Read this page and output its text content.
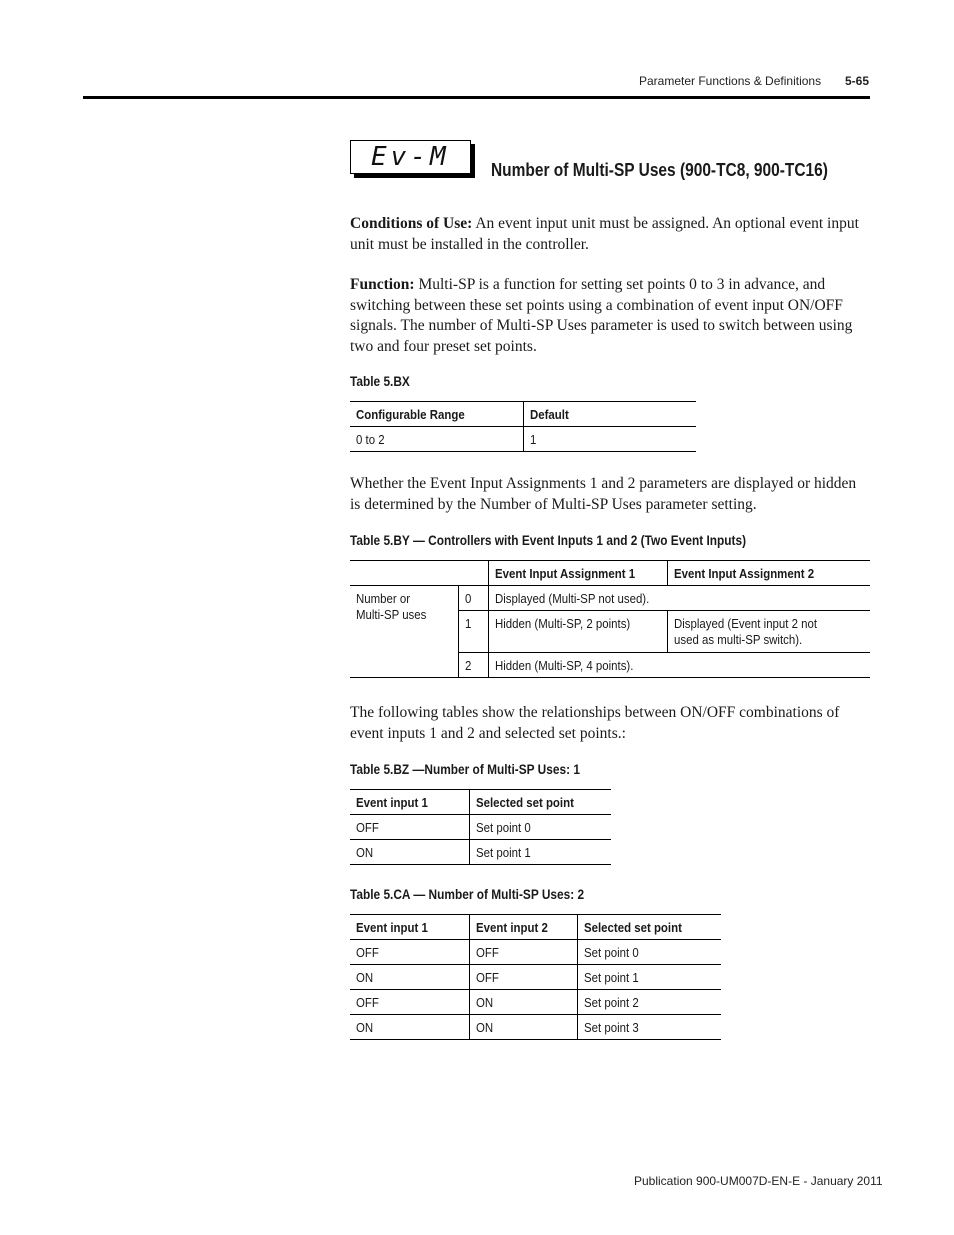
Parameter Functions & Definitions 5-65
Ev-M Number of Multi-SP Uses (900-TC8, 900-TC16)
Conditions of Use: An event input unit must be assigned. An optional event input unit must be installed in the controller.
Function: Multi-SP is a function for setting set points 0 to 3 in advance, and switching between these set points using a combination of event input ON/OFF signals. The number of Multi-SP Uses parameter is used to switch between using two and four preset set points.
Table 5.BX
Configurable Range	Default
0 to 2	1
Whether the Event Input Assignments 1 and 2 parameters are displayed or hidden is determined by the Number of Multi-SP Uses parameter setting.
Table 5.BY — Controllers with Event Inputs 1 and 2 (Two Event Inputs)
		Event Input Assignment 1	Event Input Assignment 2
Number or Multi-SP uses	0	Displayed (Multi-SP not used).	
	1	Hidden (Multi-SP, 2 points)	Displayed (Event input 2 not used as multi-SP switch).
	2	Hidden (Multi-SP, 4 points).	
The following tables show the relationships between ON/OFF combinations of event inputs 1 and 2 and selected set points.:
Table 5.BZ —Number of Multi-SP Uses: 1
Event input 1	Selected set point
OFF	Set point 0
ON	Set point 1
Table 5.CA — Number of Multi-SP Uses: 2
Event input 1	Event input 2	Selected set point
OFF	OFF	Set point 0
ON	OFF	Set point 1
OFF	ON	Set point 2
ON	ON	Set point 3
Publication 900-UM007D-EN-E - January 2011
